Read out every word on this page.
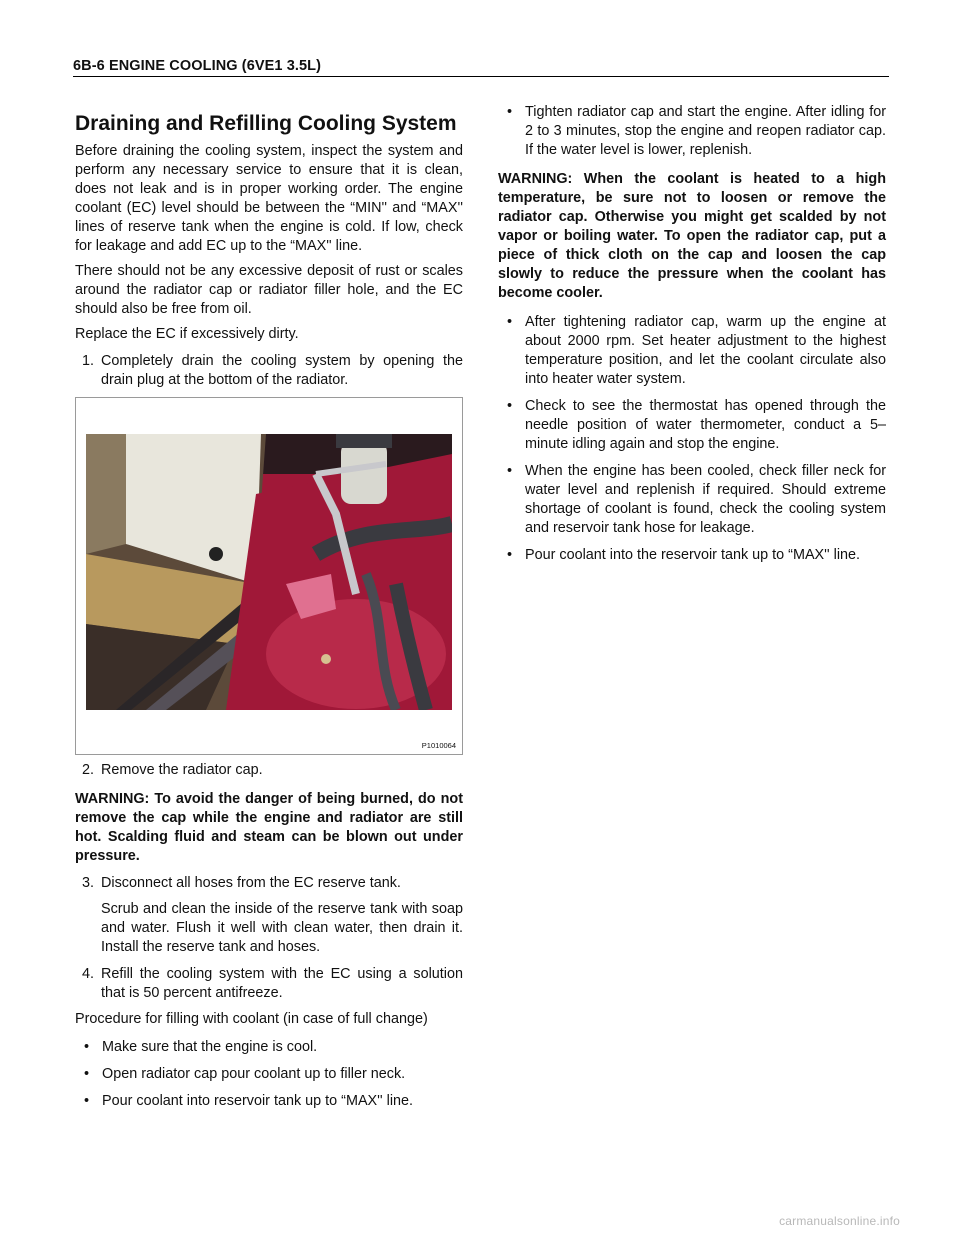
6B-6 ENGINE COOLING (6VE1 3.5L)
Draining and Refilling Cooling System

Before draining the cooling system, inspect the system and perform any necessary service to ensure that it is clean, does not leak and is in proper working order. The engine coolant (EC) level should be between the “MIN'' and “MAX'' lines of reserve tank when the engine is cold. If low, check for leakage and add EC up to the “MAX'' line.

There should not be any excessive deposit of rust or scales around the radiator cap or radiator filler hole, and the EC should also be free from oil.

Replace the EC if excessively dirty.

1. Completely drain the cooling system by opening the drain plug at the bottom of the radiator.
P1010064
2. Remove the radiator cap.

WARNING: To avoid the danger of being burned, do not remove the cap while the engine and radiator are still hot. Scalding fluid and steam can be blown out under pressure.

3. Disconnect all hoses from the EC reserve tank.

Scrub and clean the inside of the reserve tank with soap and water. Flush it well with clean water, then drain it. Install the reserve tank and hoses.

4. Refill the cooling system with the EC using a solution that is 50 percent antifreeze.

Procedure for filling with coolant (in case of full change)

• Make sure that the engine is cool.
• Open radiator cap pour coolant up to filler neck.
• Pour coolant into reservoir tank up to “MAX'' line.
• Tighten radiator cap and start the engine. After idling for 2 to 3 minutes, stop the engine and reopen radiator cap. If the water level is lower, replenish.

WARNING: When the coolant is heated to a high temperature, be sure not to loosen or remove the radiator cap. Otherwise you might get scalded by not vapor or boiling water. To open the radiator cap, put a piece of thick cloth on the cap and loosen the cap slowly to reduce the pressure when the coolant has become cooler.

• After tightening radiator cap, warm up the engine at about 2000 rpm. Set heater adjustment to the highest temperature position, and let the coolant circulate also into heater water system.
• Check to see the thermostat has opened through the needle position of water thermometer, conduct a 5–minute idling again and stop the engine.
• When the engine has been cooled, check filler neck for water level and replenish if required. Should extreme shortage of coolant is found, check the cooling system and reservoir tank hose for leakage.
• Pour coolant into the reservoir tank up to “MAX'' line.
carmanualsonline.info
